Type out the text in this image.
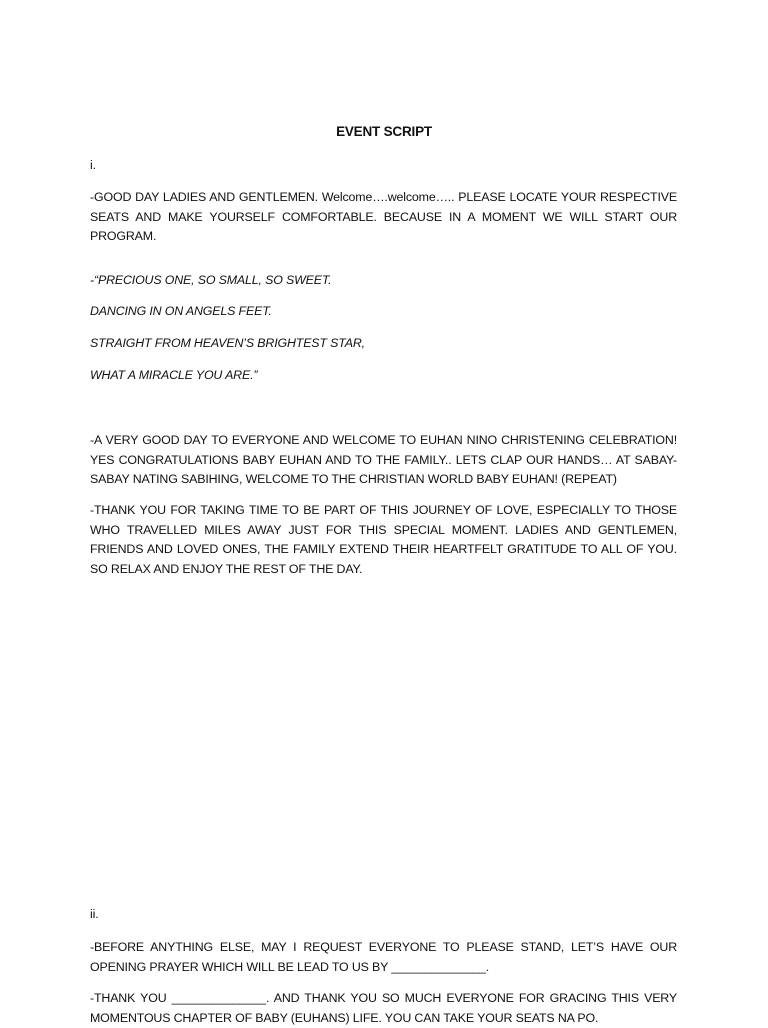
EVENT SCRIPT

i.

-GOOD DAY LADIES AND GENTLEMEN. Welcome….welcome….. PLEASE LOCATE YOUR RESPECTIVE SEATS AND MAKE YOURSELF COMFORTABLE. BECAUSE IN A MOMENT WE WILL START OUR PROGRAM.

-“PRECIOUS ONE, SO SMALL, SO SWEET.

DANCING IN ON ANGELS FEET.

STRAIGHT FROM HEAVEN’S BRIGHTEST STAR,

WHAT A MIRACLE YOU ARE.”

-A VERY GOOD DAY TO EVERYONE AND WELCOME TO EUHAN NINO CHRISTENING CELEBRATION! YES CONGRATULATIONS BABY EUHAN AND TO THE FAMILY.. LETS CLAP OUR HANDS… AT SABAY-SABAY NATING SABIHING, WELCOME TO THE CHRISTIAN WORLD BABY EUHAN! (REPEAT)

-THANK YOU FOR TAKING TIME TO BE PART OF THIS JOURNEY OF LOVE, ESPECIALLY TO THOSE WHO TRAVELLED MILES AWAY JUST FOR THIS SPECIAL MOMENT. LADIES AND GENTLEMEN, FRIENDS AND LOVED ONES, THE FAMILY EXTEND THEIR HEARTFELT GRATITUDE TO ALL OF YOU. SO RELAX AND ENJOY THE REST OF THE DAY.

ii.

-BEFORE ANYTHING ELSE, MAY I REQUEST EVERYONE TO PLEASE STAND, LET’S HAVE OUR OPENING PRAYER WHICH WILL BE LEAD TO US BY ______________.

-THANK YOU ______________. AND THANK YOU SO MUCH EVERYONE FOR GRACING THIS VERY MOMENTOUS CHAPTER OF BABY (EUHANS) LIFE. YOU CAN TAKE YOUR SEATS NA PO.
